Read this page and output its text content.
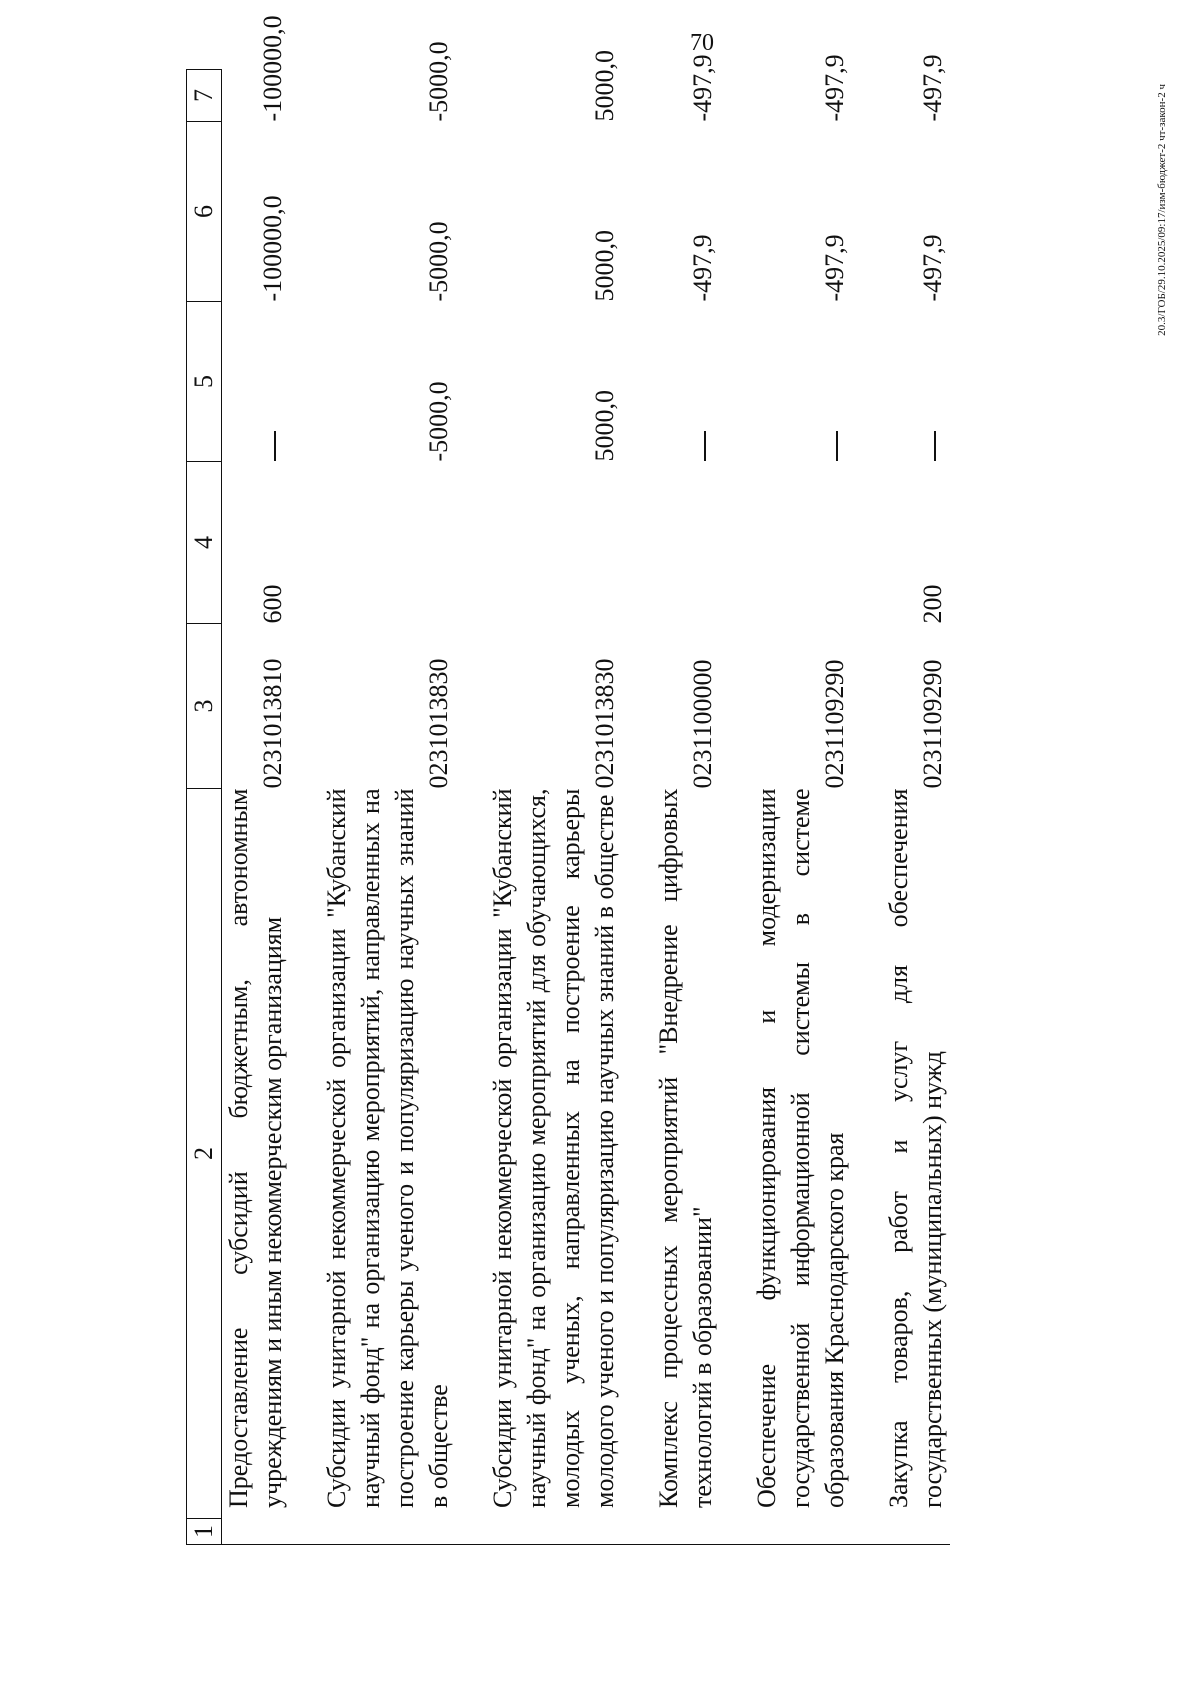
70
20.3/ГОБ/29.10.2025/09:17/изм-бюджет-2 чт-закон-2 ч
1	2	3	4	5	6	7

Предоставление субсидий бюджетным, автономным учреждениям и иным некоммерческим организациям		0231013810	600		-100000,0	-100000,0

Субсидии унитарной некоммерческой организации "Кубанский научный фонд" на организацию мероприятий, направленных на построение карьеры ученого и популяризацию научных знаний в обществе		0231013830		-5000,0	-5000,0	-5000,0

Субсидии унитарной некоммерческой организации "Кубанский научный фонд" на организацию мероприятий для обучающихся, молодых ученых, направленных на построение карьеры молодого ученого и популяризацию научных знаний в обществе		0231013830		5000,0	5000,0	5000,0

Комплекс процессных мероприятий "Внедрение цифровых технологий в образовании"		0231100000			-497,9	-497,9

Обеспечение функционирования и модернизации государственной информационной системы в системе образования Краснодарского края		0231109290			-497,9	-497,9

Закупка товаров, работ и услуг для обеспечения государственных (муниципальных) нужд		0231109290	200		-497,9	-497,9
